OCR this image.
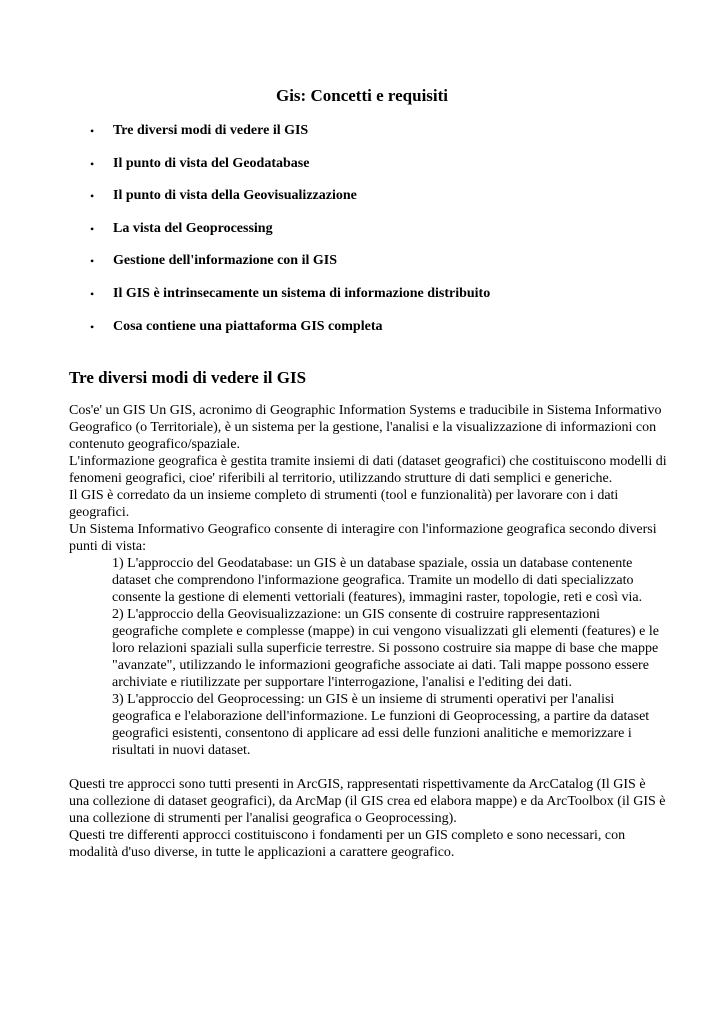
Gis: Concetti e requisiti
• Tre diversi modi di vedere il GIS
• Il punto di vista del Geodatabase
• Il punto di vista della Geovisualizzazione
• La vista del Geoprocessing
• Gestione dell'informazione con il GIS
• Il GIS è intrinsecamente un sistema di informazione distribuito
• Cosa contiene una piattaforma GIS completa
Tre diversi modi di vedere il GIS

Cos'e' un GIS Un GIS, acronimo di Geographic Information Systems e traducibile in Sistema Informativo Geografico (o Territoriale), è un sistema per la gestione, l'analisi e la visualizzazione di informazioni con contenuto geografico/spaziale.

L'informazione geografica è gestita tramite insiemi di dati (dataset geografici) che costituiscono modelli di fenomeni geografici, cioe' riferibili al territorio, utilizzando strutture di dati semplici e generiche.

Il GIS è corredato da un insieme completo di strumenti (tool e funzionalità) per lavorare con i dati geografici.

Un Sistema Informativo Geografico consente di interagire con l'informazione geografica secondo diversi punti di vista:

1) L'approccio del Geodatabase: un GIS è un database spaziale, ossia un database contenente dataset che comprendono l'informazione geografica. Tramite un modello di dati specializzato consente la gestione di elementi vettoriali (features), immagini raster, topologie, reti e così via.

2) L'approccio della Geovisualizzazione: un GIS consente di costruire rappresentazioni geografiche complete e complesse (mappe) in cui vengono visualizzati gli elementi (features) e le loro relazioni spaziali sulla superficie terrestre. Si possono costruire sia mappe di base che mappe "avanzate", utilizzando le informazioni geografiche associate ai dati. Tali mappe possono essere archiviate e riutilizzate per supportare l'interrogazione, l'analisi e l'editing dei dati.

3) L'approccio del Geoprocessing: un GIS è un insieme di strumenti operativi per l'analisi geografica e l'elaborazione dell'informazione. Le funzioni di Geoprocessing, a partire da dataset geografici esistenti, consentono di applicare ad essi delle funzioni analitiche e memorizzare i risultati in nuovi dataset.

Questi tre approcci sono tutti presenti in ArcGIS, rappresentati rispettivamente da ArcCatalog (Il GIS è una collezione di dataset geografici), da ArcMap (il GIS crea ed elabora mappe) e da ArcToolbox (il GIS è una collezione di strumenti per l'analisi geografica o Geoprocessing).

Questi tre differenti approcci costituiscono i fondamenti per un GIS completo e sono necessari, con modalità d'uso diverse, in tutte le applicazioni a carattere geografico.
